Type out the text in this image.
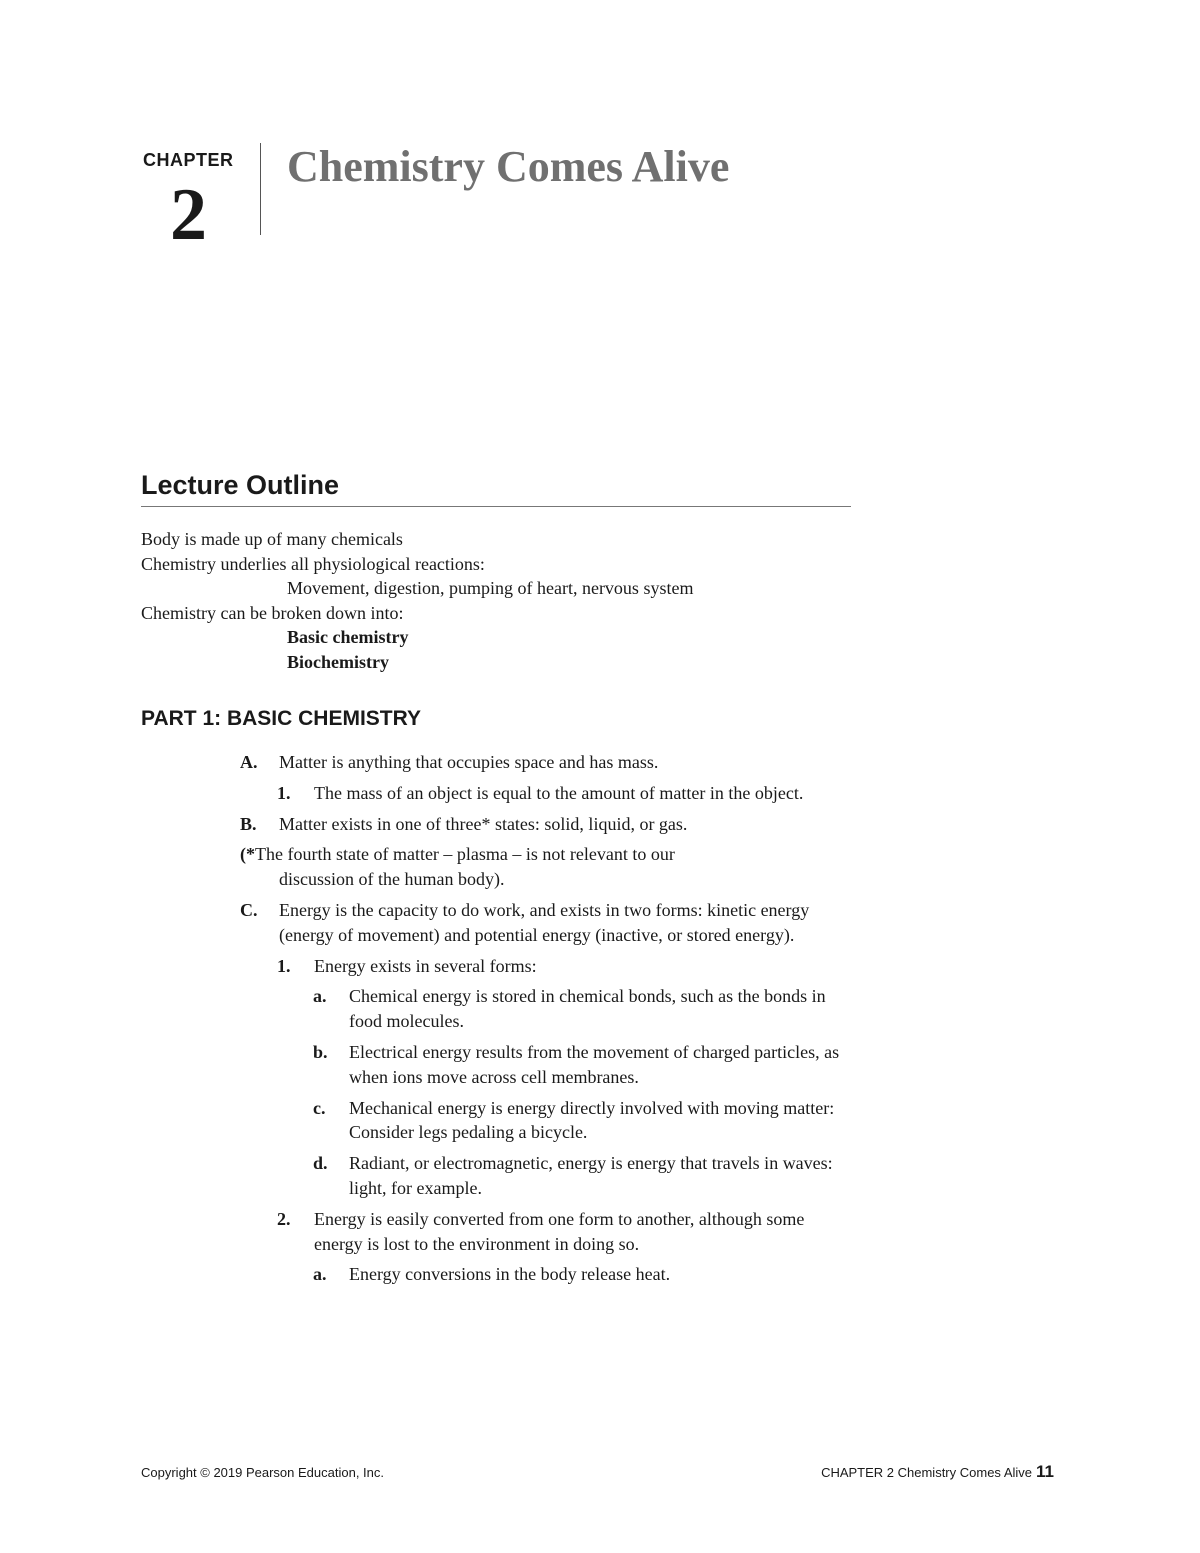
CHAPTER
2
Chemistry Comes Alive
Lecture Outline
Body is made up of many chemicals
Chemistry underlies all physiological reactions:
Movement, digestion, pumping of heart, nervous system
Chemistry can be broken down into:
Basic chemistry
Biochemistry
PART 1: BASIC CHEMISTRY
A. Matter is anything that occupies space and has mass.
1. The mass of an object is equal to the amount of matter in the object.
B. Matter exists in one of three* states: solid, liquid, or gas.
(*The fourth state of matter – plasma – is not relevant to our
discussion of the human body).
C. Energy is the capacity to do work, and exists in two forms: kinetic energy (energy of movement) and potential energy (inactive, or stored energy).
1. Energy exists in several forms:
a. Chemical energy is stored in chemical bonds, such as the bonds in food molecules.
b. Electrical energy results from the movement of charged particles, as when ions move across cell membranes.
c. Mechanical energy is energy directly involved with moving matter: Consider legs pedaling a bicycle.
d. Radiant, or electromagnetic, energy is energy that travels in waves: light, for example.
2. Energy is easily converted from one form to another, although some energy is lost to the environment in doing so.
a. Energy conversions in the body release heat.
Copyright © 2019 Pearson Education, Inc.	CHAPTER 2 Chemistry Comes Alive 11
